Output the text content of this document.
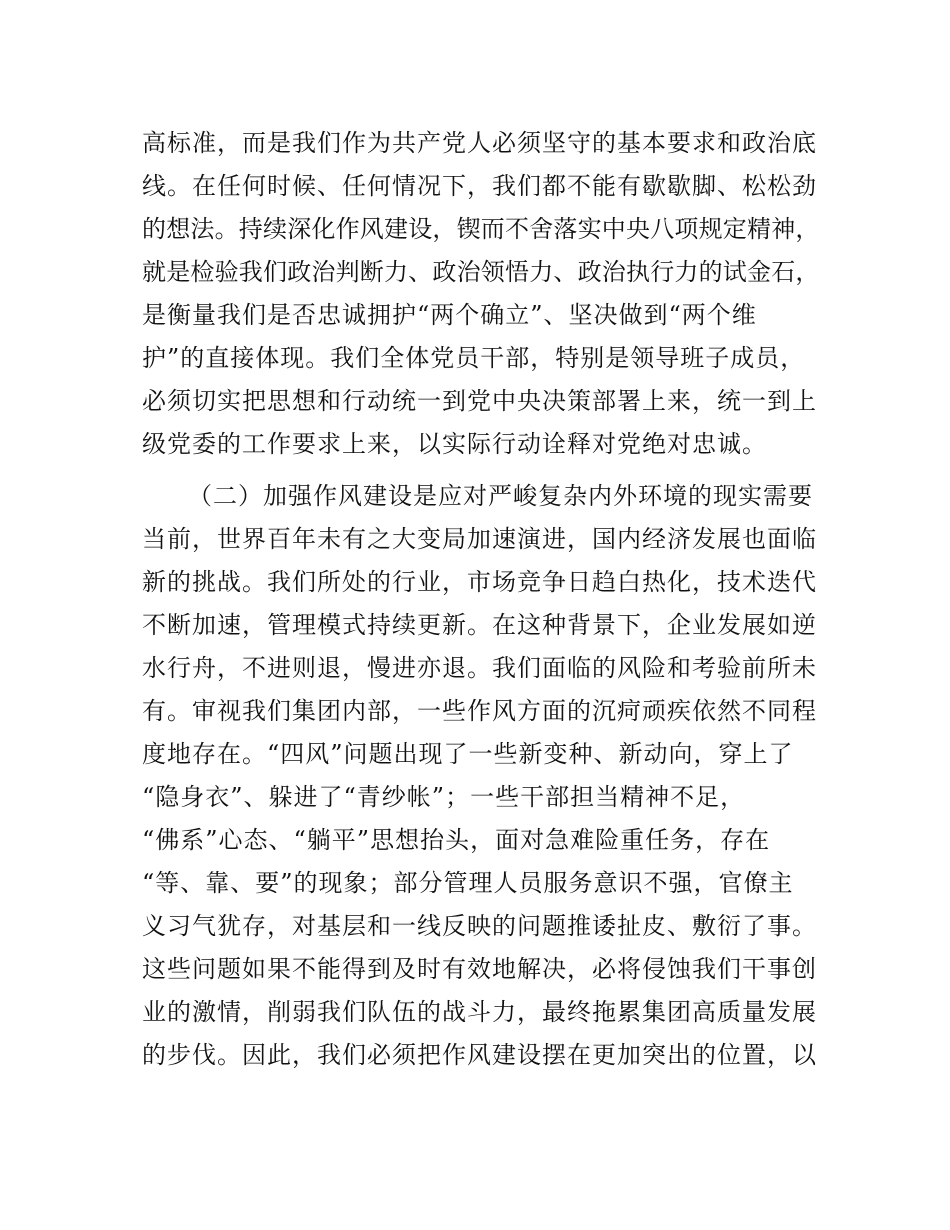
高标准，而是我们作为共产党人必须坚守的基本要求和政治底
线。在任何时候、任何情况下，我们都不能有歇歇脚、松松劲
的想法。持续深化作风建设，锲而不舍落实中央八项规定精神，
就是检验我们政治判断力、政治领悟力、政治执行力的试金石，
是衡量我们是否忠诚拥护“两个确立”、坚决做到“两个维
护”的直接体现。我们全体党员干部，特别是领导班子成员，
必须切实把思想和行动统一到党中央决策部署上来，统一到上
级党委的工作要求上来，以实际行动诠释对党绝对忠诚。
（二）加强作风建设是应对严峻复杂内外环境的现实需要
当前，世界百年未有之大变局加速演进，国内经济发展也面临
新的挑战。我们所处的行业，市场竞争日趋白热化，技术迭代
不断加速，管理模式持续更新。在这种背景下，企业发展如逆
水行舟，不进则退，慢进亦退。我们面临的风险和考验前所未
有。审视我们集团内部，一些作风方面的沉疴顽疾依然不同程
度地存在。“四风”问题出现了一些新变种、新动向，穿上了
“隐身衣”、躲进了“青纱帐”；一些干部担当精神不足，
“佛系”心态、“躺平”思想抬头，面对急难险重任务，存在
“等、靠、要”的现象；部分管理人员服务意识不强，官僚主
义习气犹存，对基层和一线反映的问题推诿扯皮、敷衍了事。
这些问题如果不能得到及时有效地解决，必将侵蚀我们干事创
业的激情，削弱我们队伍的战斗力，最终拖累集团高质量发展
的步伐。因此，我们必须把作风建设摆在更加突出的位置，以
